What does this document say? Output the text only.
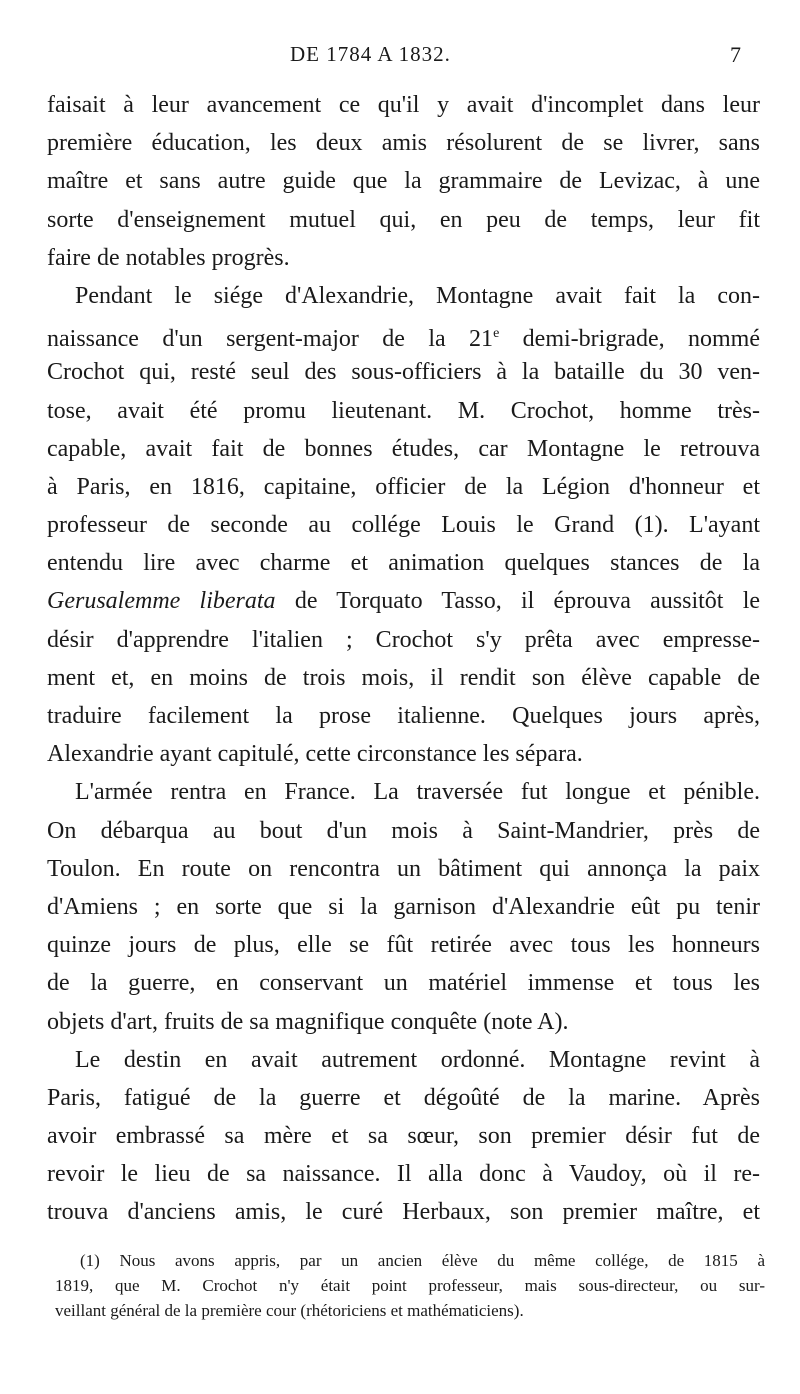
DE 1784 A 1832.	7
faisait à leur avancement ce qu'il y avait d'incomplet dans leur
première éducation, les deux amis résolurent de se livrer, sans
maître et sans autre guide que la grammaire de Levizac, à une
sorte d'enseignement mutuel qui, en peu de temps, leur fit
faire de notables progrès.
Pendant le siége d'Alexandrie, Montagne avait fait la con-
naissance d'un sergent-major de la 21e demi-brigrade, nommé
Crochot qui, resté seul des sous-officiers à la bataille du 30 ven-
tose, avait été promu lieutenant. M. Crochot, homme très-
capable, avait fait de bonnes études, car Montagne le retrouva
à Paris, en 1816, capitaine, officier de la Légion d'honneur et
professeur de seconde au collége Louis le Grand (1). L'ayant
entendu lire avec charme et animation quelques stances de la
Gerusalemme liberata de Torquato Tasso, il éprouva aussitôt le
désir d'apprendre l'italien ; Crochot s'y prêta avec empresse-
ment et, en moins de trois mois, il rendit son élève capable de
traduire facilement la prose italienne. Quelques jours après,
Alexandrie ayant capitulé, cette circonstance les sépara.
L'armée rentra en France. La traversée fut longue et pénible.
On débarqua au bout d'un mois à Saint-Mandrier, près de
Toulon. En route on rencontra un bâtiment qui annonça la paix
d'Amiens ; en sorte que si la garnison d'Alexandrie eût pu tenir
quinze jours de plus, elle se fût retirée avec tous les honneurs
de la guerre, en conservant un matériel immense et tous les
objets d'art, fruits de sa magnifique conquête (note A).
Le destin en avait autrement ordonné. Montagne revint à
Paris, fatigué de la guerre et dégoûté de la marine. Après
avoir embrassé sa mère et sa sœur, son premier désir fut de
revoir le lieu de sa naissance. Il alla donc à Vaudoy, où il re-
trouva d'anciens amis, le curé Herbaux, son premier maître, et
(1) Nous avons appris, par un ancien élève du même collége, de 1815 à
1819, que M. Crochot n'y était point professeur, mais sous-directeur, ou sur-
veillant général de la première cour (rhétoriciens et mathématiciens).
